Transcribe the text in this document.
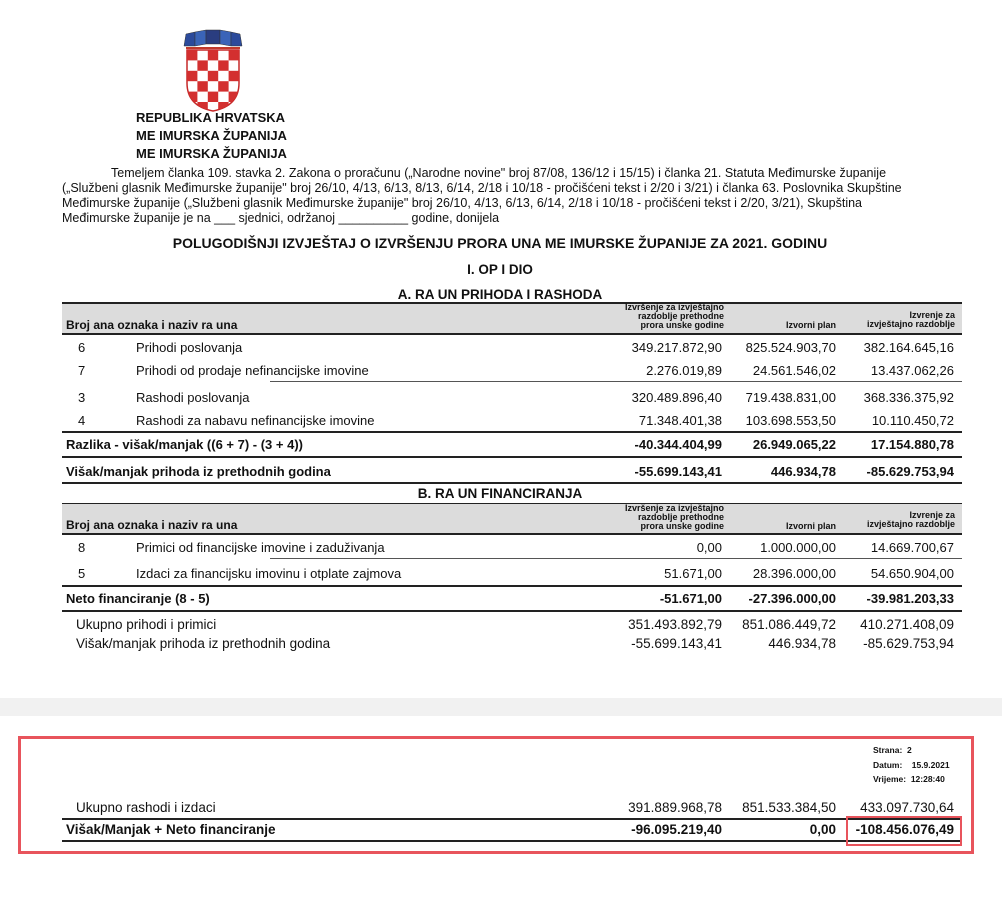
REPUBLIKA HRVATSKA
ME IMURSKA ŽUPANIJA
ME IMURSKA ŽUPANIJA
Temeljem članka 109. stavka 2. Zakona o proračunu („Narodne novine" broj 87/08, 136/12 i 15/15) i članka 21. Statuta Međimurske županije
(„Službeni glasnik Međimurske županije" broj 26/10, 4/13, 6/13, 8/13, 6/14, 2/18 i 10/18 - pročišćeni tekst i 2/20 i 3/21) i članka 63. Poslovnika Skupštine
Međimurske županije („Službeni glasnik Međimurske županije" broj 26/10, 4/13, 6/13, 6/14, 2/18 i 10/18 - pročišćeni tekst i 2/20, 3/21), Skupština
Međimurske županije je na ___ sjednici, održanoj __________ godine, donijela
POLUGODIŠNJI IZVJEŠTAJ O IZVRŠENJU PRORA UNA ME IMURSKE ŽUPANIJE ZA 2021. GODINU
I. OP I DIO
A. RA UN PRIHODA I RASHODA
Broj ana oznaka i naziv ra una
Izvršenje za izvještajno
razdoblje prethodne
prora unske godine	Izvorni plan
Izvrenje za
izvještajno razdoblje
6	Prihodi poslovanja	349.217.872,90	825.524.903,70	382.164.645,16
7	Prihodi od prodaje nefinancijske imovine	2.276.019,89	24.561.546,02	13.437.062,26
3	Rashodi poslovanja	320.489.896,40	719.438.831,00	368.336.375,92
4	Rashodi za nabavu nefinancijske imovine	71.348.401,38	103.698.553,50	10.110.450,72
Razlika - višak/manjak ((6 + 7) - (3 + 4))	-40.344.404,99	26.949.065,22	17.154.880,78
Višak/manjak prihoda iz prethodnih godina	-55.699.143,41	446.934,78	-85.629.753,94
B. RA UN FINANCIRANJA
Broj ana oznaka i naziv ra una
Izvršenje za izvještajno
razdoblje prethodne
prora unske godine	Izvorni plan
Izvrenje za
izvještajno razdoblje
8	Primici od financijske imovine i zaduživanja	0,00	1.000.000,00	14.669.700,67
5	Izdaci za financijsku imovinu i otplate zajmova	51.671,00	28.396.000,00	54.650.904,00
Neto financiranje (8 - 5)	-51.671,00	-27.396.000,00	-39.981.203,33
Ukupno prihodi i primici	351.493.892,79	851.086.449,72	410.271.408,09
Višak/manjak prihoda iz prethodnih godina	-55.699.143,41	446.934,78	-85.629.753,94
Strana: 2
Datum: 15.9.2021
Vrijeme: 12:28:40
Ukupno rashodi i izdaci	391.889.968,78	851.533.384,50	433.097.730,64
Višak/Manjak + Neto financiranje	-96.095.219,40	0,00	-108.456.076,49
